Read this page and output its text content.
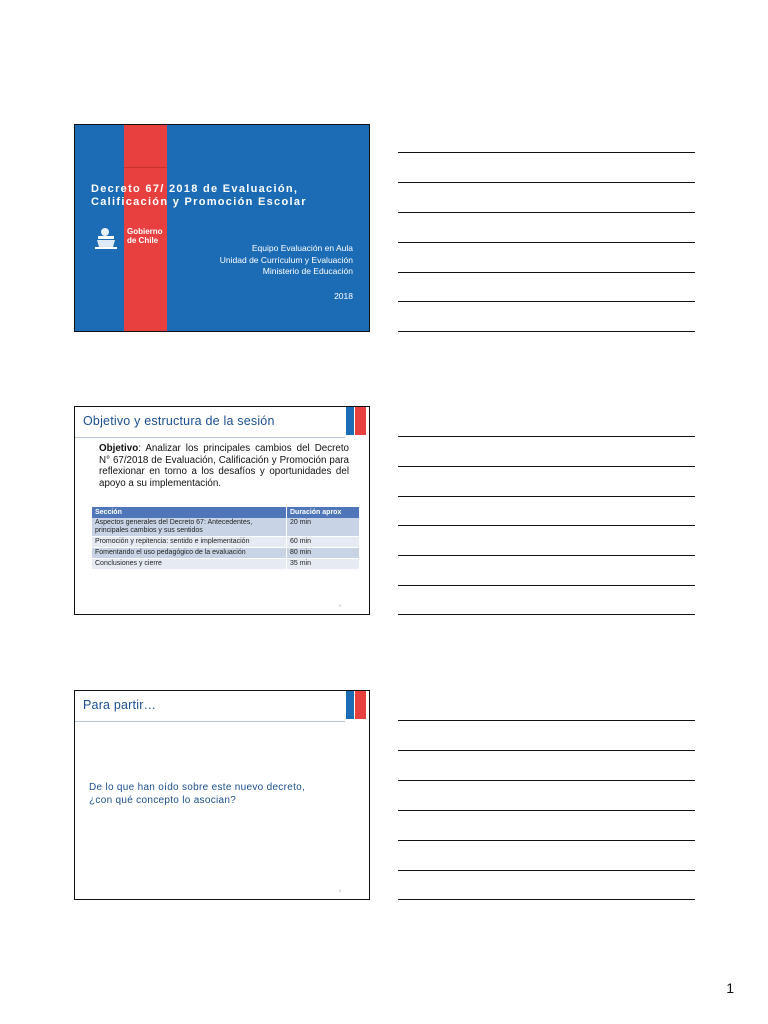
Decreto 67/ 2018 de Evaluación,
Calificación y Promoción Escolar
Gobierno
de Chile
Equipo Evaluación en Aula
Unidad de Currículum y Evaluación
Ministerio de Educación
2018
Objetivo y estructura de la sesión
Objetivo: Analizar los principales cambios del Decreto N° 67/2018 de Evaluación, Calificación y Promoción para reflexionar en torno a los desafíos y oportunidades del apoyo a su implementación.
Sección	Duración aprox
Aspectos generales del Decreto 67: Antecedentes, principales cambios y sus sentidos	20 min
Promoción y repitencia: sentido e implementación	60 min
Fomentando el uso pedagógico de la evaluación	80 min
Conclusiones y cierre	35 min
2
Para partir…
De lo que han oído sobre este nuevo decreto, ¿con qué concepto lo asocian?
3
1
